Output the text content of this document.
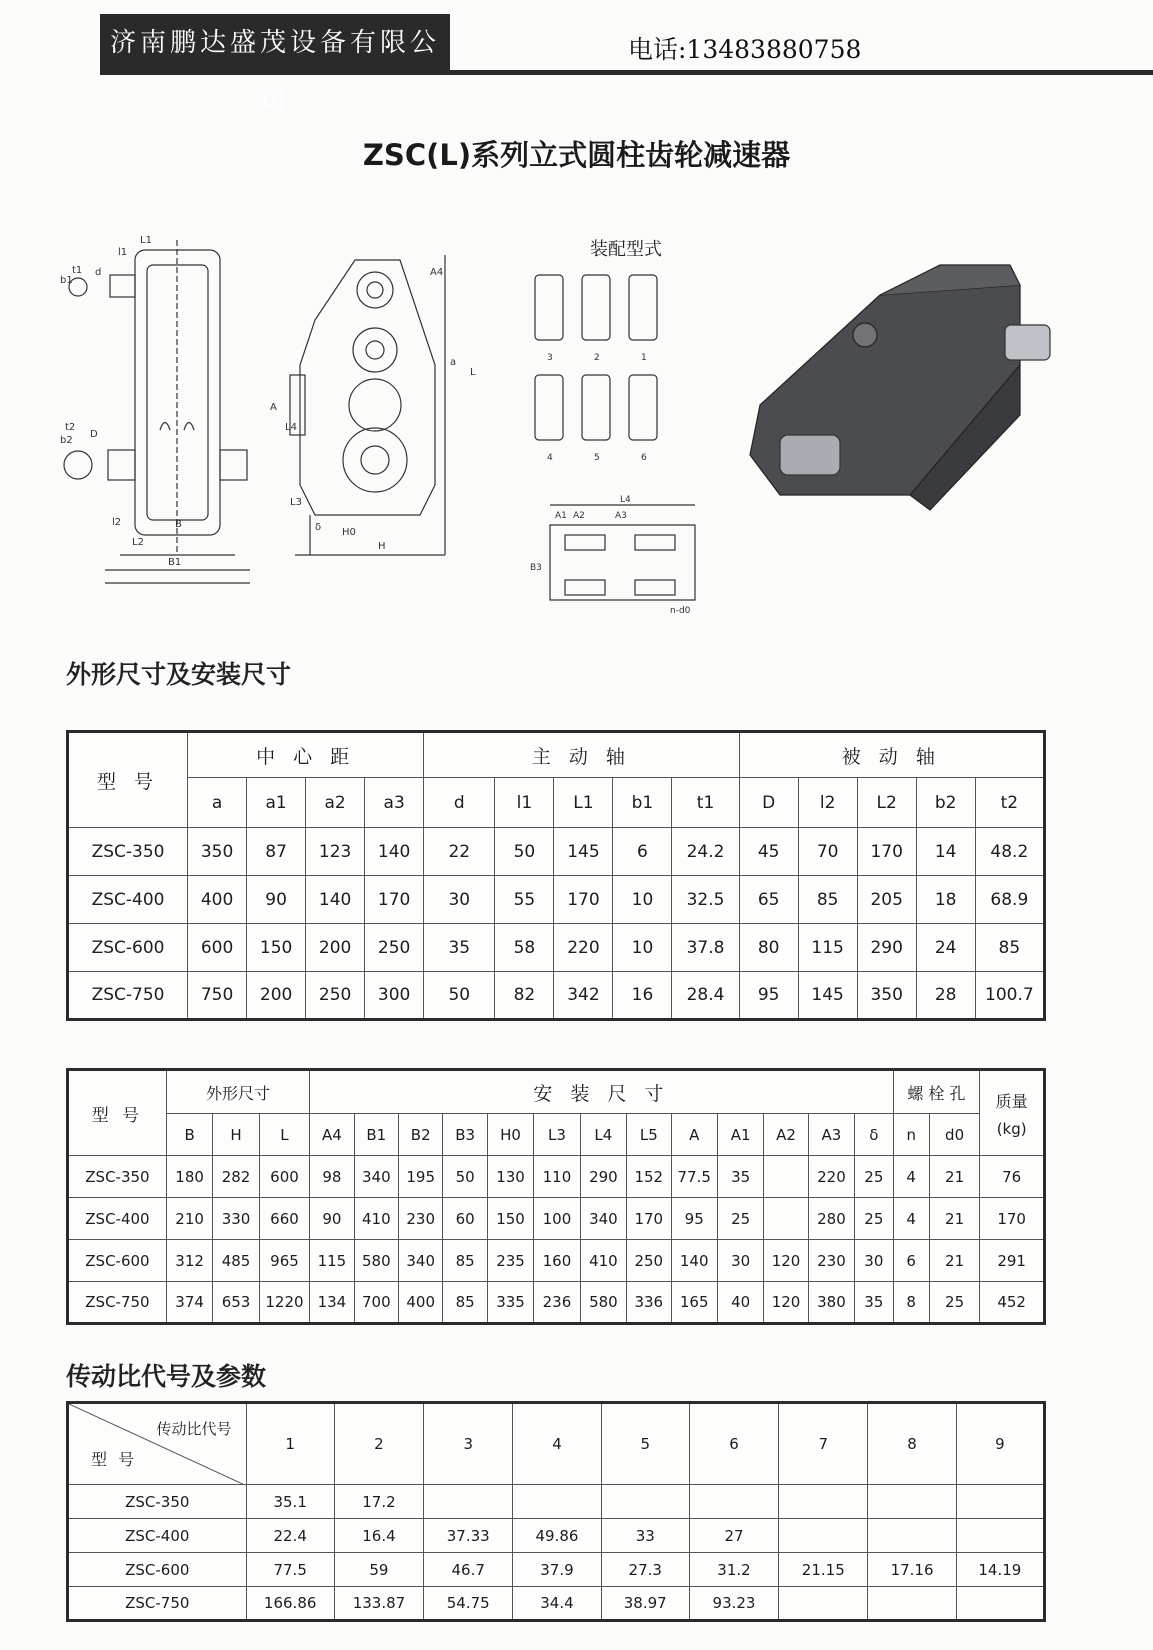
济南鹏达盛茂设备有限公司
电话:13483880758
ZSC(L)系列立式圆柱齿轮减速器
L1
l1
b1
t1 d
b2
t2
D
l2	B
L2
B1
A4
L
a
A
L4
L3
H0
H
δ
装配型式
3	2	1
4	5	6
L4
A1 A2	A3
B3
n-d0
外形尺寸及安装尺寸
型 号	中 心 距				主 动 轴					被 动 轴				
	a	a1	a2	a3	d	l1	L1	b1	t1	D	l2	L2	b2	t2
ZSC-350	350	87	123	140	22	50	145	6	24.2	45	70	170	14	48.2
ZSC-400	400	90	140	170	30	55	170	10	32.5	65	85	205	18	68.9
ZSC-600	600	150	200	250	35	58	220	10	37.8	80	115	290	24	85
ZSC-750	750	200	250	300	50	82	342	16	28.4	95	145	350	28	100.7
型 号	外形尺寸			安 装 尺 寸													螺 栓 孔		质量
(kg)

	B	H	L	A4	B1	B2	B3	H0	L3	L4	L5	A	A1	A2	A3	δ	n	d0	
ZSC-350	180	282	600	98	340	195	50	130	110	290	152	77.5	35		220	25	4	21	76
ZSC-400	210	330	660	90	410	230	60	150	100	340	170	95	25		280	25	4	21	170
ZSC-600	312	485	965	115	580	340	85	235	160	410	250	140	30	120	230	30	6	21	291
ZSC-750	374	653	1220	134	700	400	85	335	236	580	336	165	40	120	380	35	8	25	452
传动比代号及参数
传动比代号
型 号	1	2	3	4	5	6	7	8	9
ZSC-350	35.1	17.2							
ZSC-400	22.4	16.4	37.33	49.86	33	27			
ZSC-600	77.5	59	46.7	37.9	27.3	31.2	21.15	17.16	14.19
ZSC-750	166.86	133.87	54.75	34.4	38.97	93.23			
